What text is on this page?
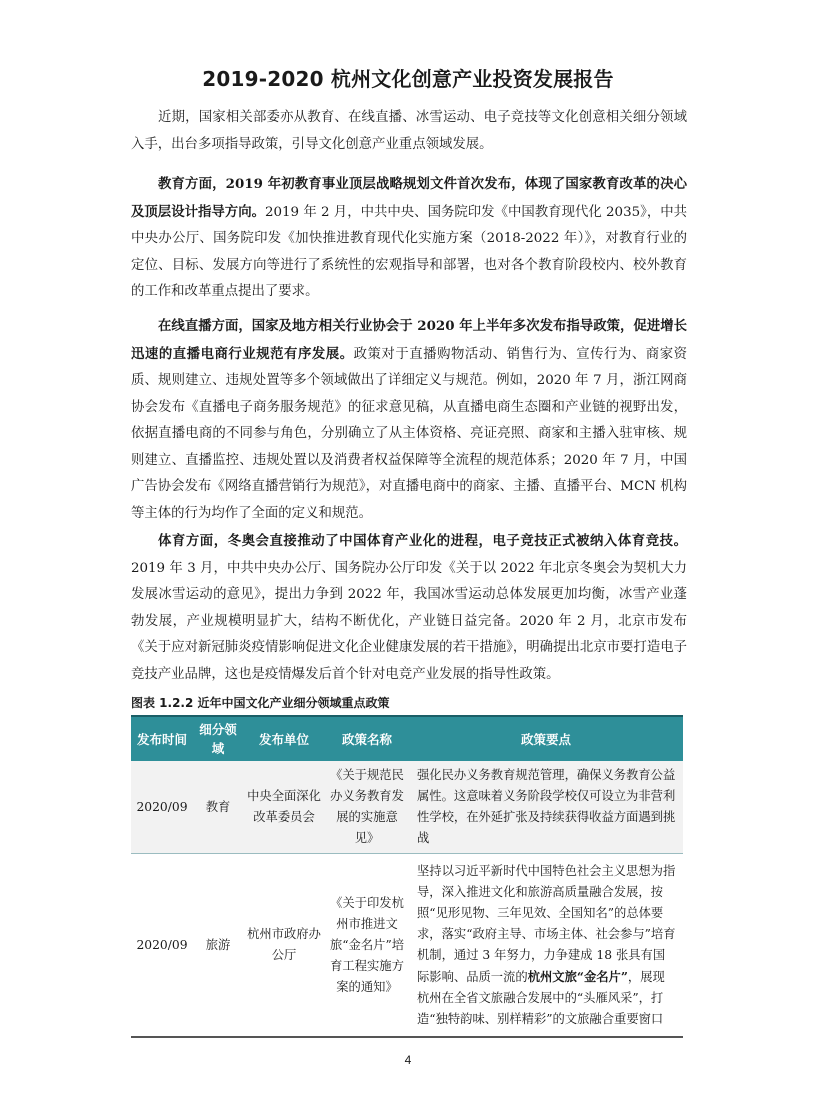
2019-2020 杭州文化创意产业投资发展报告

近期，国家相关部委亦从教育、在线直播、冰雪运动、电子竞技等文化创意相关细分领域入手，出台多项指导政策，引导文化创意产业重点领域发展。

教育方面，2019 年初教育事业顶层战略规划文件首次发布，体现了国家教育改革的决心及顶层设计指导方向。2019 年 2 月，中共中央、国务院印发《中国教育现代化 2035》，中共中央办公厅、国务院印发《加快推进教育现代化实施方案（2018-2022 年）》，对教育行业的定位、目标、发展方向等进行了系统性的宏观指导和部署，也对各个教育阶段校内、校外教育的工作和改革重点提出了要求。

在线直播方面，国家及地方相关行业协会于 2020 年上半年多次发布指导政策，促进增长迅速的直播电商行业规范有序发展。政策对于直播购物活动、销售行为、宣传行为、商家资质、规则建立、违规处置等多个领域做出了详细定义与规范。例如，2020 年 7 月，浙江网商协会发布《直播电子商务服务规范》的征求意见稿，从直播电商生态圈和产业链的视野出发，依据直播电商的不同参与角色，分别确立了从主体资格、亮证亮照、商家和主播入驻审核、规则建立、直播监控、违规处置以及消费者权益保障等全流程的规范体系；2020 年 7 月，中国广告协会发布《网络直播营销行为规范》，对直播电商中的商家、主播、直播平台、MCN 机构等主体的行为均作了全面的定义和规范。

体育方面，冬奥会直接推动了中国体育产业化的进程，电子竞技正式被纳入体育竞技。2019 年 3 月，中共中央办公厅、国务院办公厅印发《关于以 2022 年北京冬奥会为契机大力发展冰雪运动的意见》，提出力争到 2022 年，我国冰雪运动总体发展更加均衡，冰雪产业蓬勃发展，产业规模明显扩大，结构不断优化，产业链日益完备。2020 年 2 月，北京市发布《关于应对新冠肺炎疫情影响促进文化企业健康发展的若干措施》，明确提出北京市要打造电子竞技产业品牌，这也是疫情爆发后首个针对电竞产业发展的指导性政策。

图表 1.2.2 近年中国文化产业细分领域重点政策
发布时间	细分领域	发布单位	政策名称	政策要点
2020/09	教育	中央全面深化改革委员会	《关于规范民办义务教育发展的实施意见》	强化民办义务教育规范管理，确保义务教育公益属性。这意味着义务阶段学校仅可设立为非营利性学校，在外延扩张及持续获得收益方面遇到挑战
2020/09	旅游	杭州市政府办公厅	《关于印发杭州市推进文旅“金名片”培育工程实施方案的通知》	坚持以习近平新时代中国特色社会主义思想为指导，深入推进文化和旅游高质量融合发展，按照“见形见物、三年见效、全国知名”的总体要求，落实“政府主导、市场主体、社会参与”培育机制，通过 3 年努力，力争建成 18 张具有国际影响、品质一流的杭州文旅“金名片”，展现杭州在全省文旅融合发展中的“头雁风采”，打造“独特韵味、别样精彩”的文旅融合重要窗口
4
